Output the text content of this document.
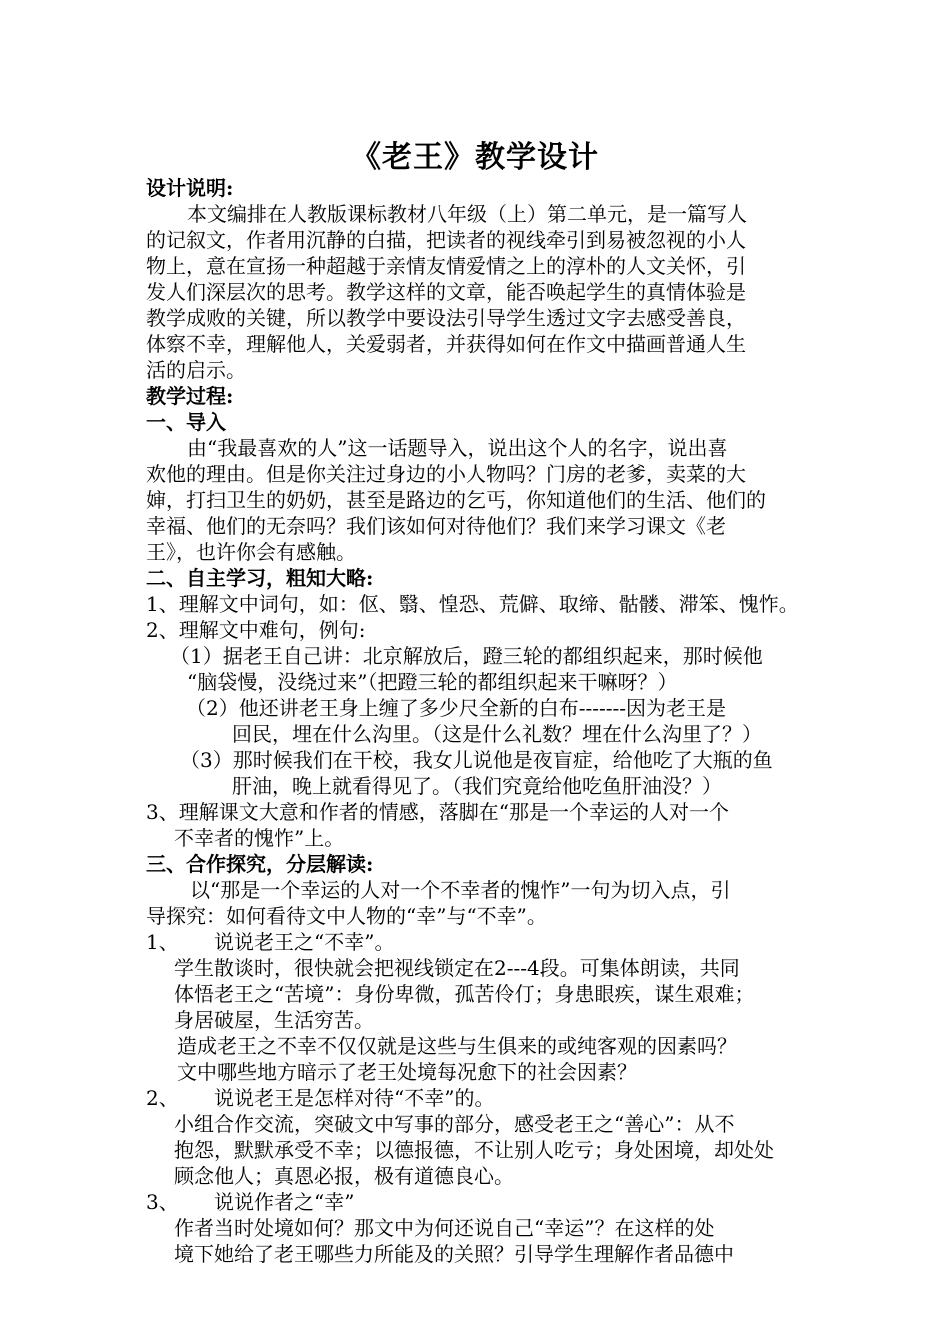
《老王》教学设计
设计说明:
本文编排在人教版课标教材八年级（上）第二单元，是一篇写人
的记叙文，作者用沉静的白描，把读者的视线牵引到易被忽视的小人
物上，意在宣扬一种超越于亲情友情爱情之上的淳朴的人文关怀，引
发人们深层次的思考。教学这样的文章，能否唤起学生的真情体验是
教学成败的关键，所以教学中要设法引导学生透过文字去感受善良，
体察不幸，理解他人，关爱弱者，并获得如何在作文中描画普通人生
活的启示。
教学过程:
一、导入
由“我最喜欢的人”这一话题导入，说出这个人的名字，说出喜
欢他的理由。但是你关注过身边的小人物吗？门房的老爹，卖菜的大
婶，打扫卫生的奶奶，甚至是路边的乞丐，你知道他们的生活、他们的
幸福、他们的无奈吗？我们该如何对待他们？我们来学习课文《老
王》，也许你会有感触。
二、自主学习，粗知大略:
1、理解文中词句，如：伛、翳、惶恐、荒僻、取缔、骷髅、滞笨、愧怍。
2、理解文中难句，例句:
（1）据老王自己讲：北京解放后，蹬三轮的都组织起来，那时候他
“脑袋慢，没绕过来”（把蹬三轮的都组织起来干嘛呀？）
（2）他还讲老王身上缠了多少尺全新的白布-------因为老王是
回民，埋在什么沟里。（这是什么礼数？埋在什么沟里了？）
（3）那时候我们在干校，我女儿说他是夜盲症，给他吃了大瓶的鱼
肝油，晚上就看得见了。（我们究竟给他吃鱼肝油没？）
3、理解课文大意和作者的情感，落脚在“那是一个幸运的人对一个
不幸者的愧怍”上。
三、合作探究，分层解读:
以“那是一个幸运的人对一个不幸者的愧怍”一句为切入点，引
导探究：如何看待文中人物的“幸”与“不幸”。
1、 说说老王之“不幸”。
学生散谈时，很快就会把视线锁定在2---4段。可集体朗读，共同
体悟老王之“苦境”：身份卑微，孤苦伶仃；身患眼疾，谋生艰难；
身居破屋，生活穷苦。
造成老王之不幸不仅仅就是这些与生俱来的或纯客观的因素吗？
文中哪些地方暗示了老王处境每况愈下的社会因素？
2、 说说老王是怎样对待“不幸”的。
小组合作交流，突破文中写事的部分，感受老王之“善心”：从不
抱怨，默默承受不幸；以德报德，不让别人吃亏；身处困境，却处处
顾念他人；真恩必报，极有道德良心。
3、 说说作者之“幸”
作者当时处境如何？那文中为何还说自己“幸运”？在这样的处
境下她给了老王哪些力所能及的关照？引导学生理解作者品德中
